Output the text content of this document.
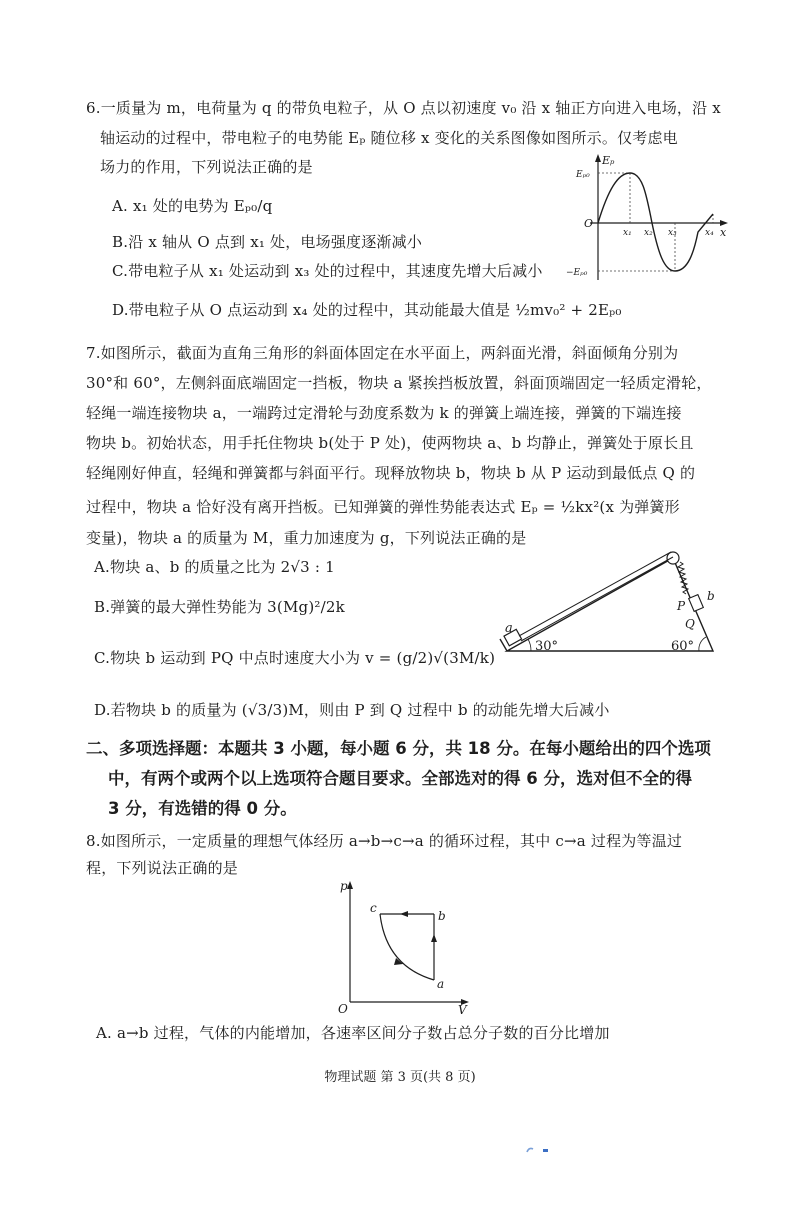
6.一质量为 m，电荷量为 q 的带负电粒子，从 O 点以初速度 v₀ 沿 x 轴正方向进入电场，沿 x
轴运动的过程中，带电粒子的电势能 Eₚ 随位移 x 变化的关系图像如图所示。仅考虑电
场力的作用，下列说法正确的是
A. x₁ 处的电势为 Eₚ₀/q
B.沿 x 轴从 O 点到 x₁ 处，电场强度逐渐减小
C.带电粒子从 x₁ 处运动到 x₃ 处的过程中，其速度先增大后减小
D.带电粒子从 O 点运动到 x₄ 处的过程中，其动能最大值是 ½mv₀² + 2Eₚ₀
Eₚ
x
O
Eₚ₀
−Eₚ₀
x₁ x₂ x₃	x₄
7.如图所示，截面为直角三角形的斜面体固定在水平面上，两斜面光滑，斜面倾角分别为
30°和 60°，左侧斜面底端固定一挡板，物块 a 紧挨挡板放置，斜面顶端固定一轻质定滑轮，
轻绳一端连接物块 a，一端跨过定滑轮与劲度系数为 k 的弹簧上端连接，弹簧的下端连接
物块 b。初始状态，用手托住物块 b(处于 P 处)，使两物块 a、b 均静止，弹簧处于原长且
轻绳刚好伸直，轻绳和弹簧都与斜面平行。现释放物块 b，物块 b 从 P 运动到最低点 Q 的
过程中，物块 a 恰好没有离开挡板。已知弹簧的弹性势能表达式 Eₚ = ½kx²(x 为弹簧形
变量)，物块 a 的质量为 M，重力加速度为 g，下列说法正确的是
A.物块 a、b 的质量之比为 2√3 : 1
B.弹簧的最大弹性势能为 3(Mg)²/2k
C.物块 b 运动到 PQ 中点时速度大小为 v = (g/2)√(3M/k)
D.若物块 b 的质量为 (√3/3)M，则由 P 到 Q 过程中 b 的动能先增大后减小
a
b
P
Q
30°	60°
二、多项选择题：本题共 3 小题，每小题 6 分，共 18 分。在每小题给出的四个选项
中，有两个或两个以上选项符合题目要求。全部选对的得 6 分，选对但不全的得
3 分，有选错的得 0 分。
8.如图所示，一定质量的理想气体经历 a→b→c→a 的循环过程，其中 c→a 过程为等温过
程，下列说法正确的是
p
V
O
c
b
a
A. a→b 过程，气体的内能增加，各速率区间分子数占总分子数的百分比增加
物理试题 第 3 页(共 8 页)
